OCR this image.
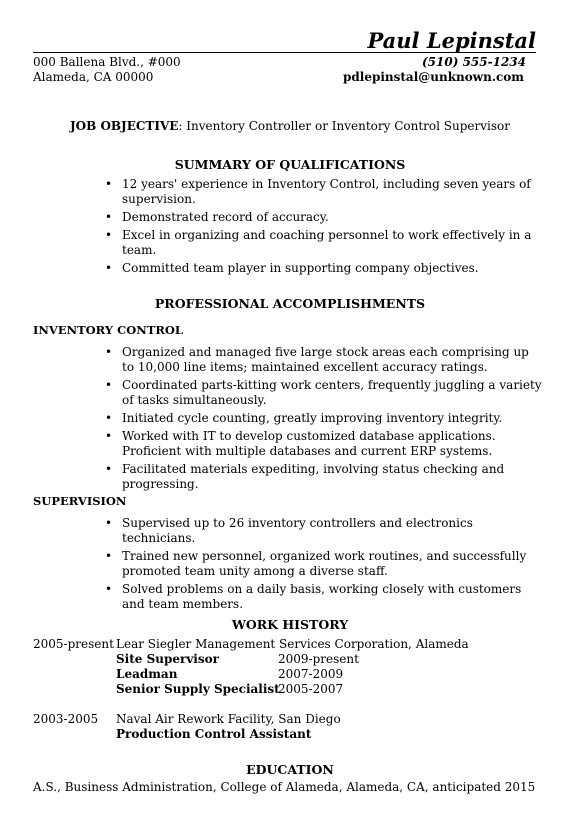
Paul Lepinstal
000 Ballena Blvd., #000
Alameda, CA 00000
(510) 555-1234
pdlepinstal@unknown.com
JOB OBJECTIVE: Inventory Controller or Inventory Control Supervisor
SUMMARY OF QUALIFICATIONS
• 12 years' experience in Inventory Control, including seven years of supervision.
• Demonstrated record of accuracy.
• Excel in organizing and coaching personnel to work effectively in a team.
• Committed team player in supporting company objectives.
PROFESSIONAL ACCOMPLISHMENTS
INVENTORY CONTROL
• Organized and managed five large stock areas each comprising up to 10,000 line items; maintained excellent accuracy ratings.
• Coordinated parts-kitting work centers, frequently juggling a variety of tasks simultaneously.
• Initiated cycle counting, greatly improving inventory integrity.
• Worked with IT to develop customized database applications. Proficient with multiple databases and current ERP systems.
• Facilitated materials expediting, involving status checking and progressing.
SUPERVISION
• Supervised up to 26 inventory controllers and electronics technicians.
• Trained new personnel, organized work routines, and successfully promoted team unity among a diverse staff.
• Solved problems on a daily basis, working closely with customers and team members.
WORK HISTORY
2005-present Lear Siegler Management Services Corporation, Alameda
Site Supervisor	2009-present
Leadman	2007-2009
Senior Supply Specialist
2005-2007
2003-2005 Naval Air Rework Facility, San Diego
Production Control Assistant
EDUCATION
A.S., Business Administration, College of Alameda, Alameda, CA, anticipated 2015
